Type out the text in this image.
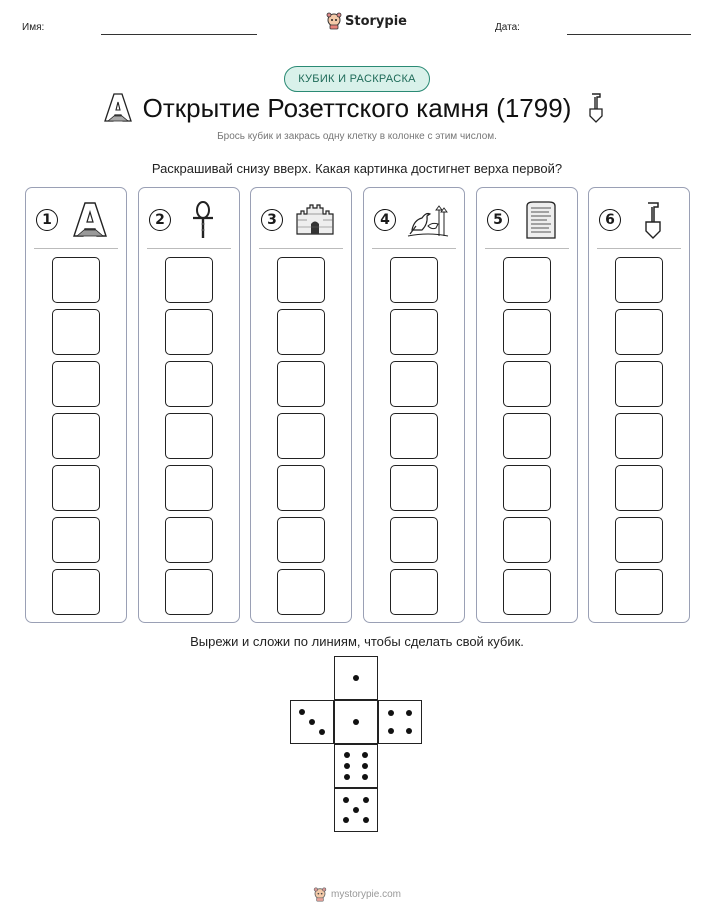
Имя:	Storypie	Дата:
КУБИК И РАСКРАСКА
Открытие Розеттского камня (1799)
Брось кубик и закрась одну клетку в колонке с этим числом.
Раскрашивай снизу вверх. Какая картинка достигнет верха первой?
1	2	3	4	5	6
Вырежи и сложи по линиям, чтобы сделать свой кубик.
mystorypie.com
